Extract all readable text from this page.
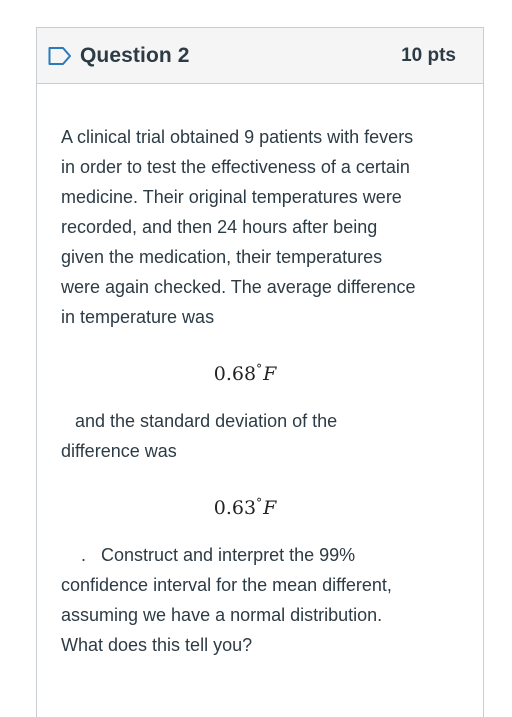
Question 2	10 pts

A clinical trial obtained 9 patients with fevers
in order to test the effectiveness of a certain
medicine. Their original temperatures were
recorded, and then 24 hours after being
given the medication, their temperatures
were again checked. The average difference
in temperature was

0.68°F

and the standard deviation of the
difference was

0.63°F

. Construct and interpret the 99%
confidence interval for the mean different,
assuming we have a normal distribution.
What does this tell you?
